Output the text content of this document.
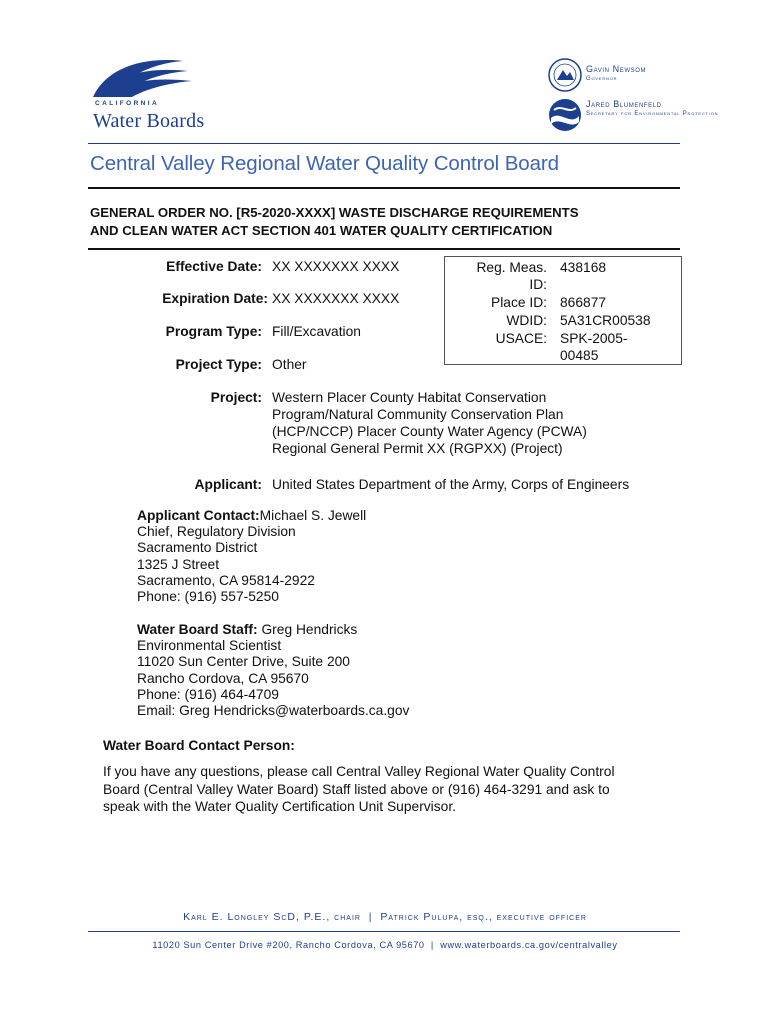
CALIFORNIA
Water Boards
Gavin Newsom
Governor
Jared Blumenfeld
Secretary for Environmental Protection
Central Valley Regional Water Quality Control Board
GENERAL ORDER NO. [R5-2020-XXXX] WASTE DISCHARGE REQUIREMENTS
AND CLEAN WATER ACT SECTION 401 WATER QUALITY CERTIFICATION
Effective Date: XX XXXXXXX XXXX
Expiration Date: XX XXXXXXX XXXX
Program Type: Fill/Excavation
Project Type: Other
Reg. Meas.
ID:
438168
Place ID: 866877
WDID: 5A31CR00538
USACE: SPK-2005-
00485
Project: Western Placer County Habitat Conservation
Program/Natural Community Conservation Plan
(HCP/NCCP) Placer County Water Agency (PCWA)
Regional General Permit XX (RGPXX) (Project)
Applicant: United States Department of the Army, Corps of Engineers
Applicant Contact:Michael S. Jewell
Chief, Regulatory Division
Sacramento District
1325 J Street
Sacramento, CA 95814-2922
Phone: (916) 557-5250
Water Board Staff: Greg Hendricks
Environmental Scientist
11020 Sun Center Drive, Suite 200
Rancho Cordova, CA 95670
Phone: (916) 464-4709
Email: Greg Hendricks@waterboards.ca.gov
Water Board Contact Person:
If you have any questions, please call Central Valley Regional Water Quality Control
Board (Central Valley Water Board) Staff listed above or (916) 464-3291 and ask to
speak with the Water Quality Certification Unit Supervisor.
Karl E. Longley ScD, P.E., chair  |  Patrick Pulupa, esq., executive officer
11020 Sun Center Drive #200, Rancho Cordova, CA 95670  |  www.waterboards.ca.gov/centralvalley
